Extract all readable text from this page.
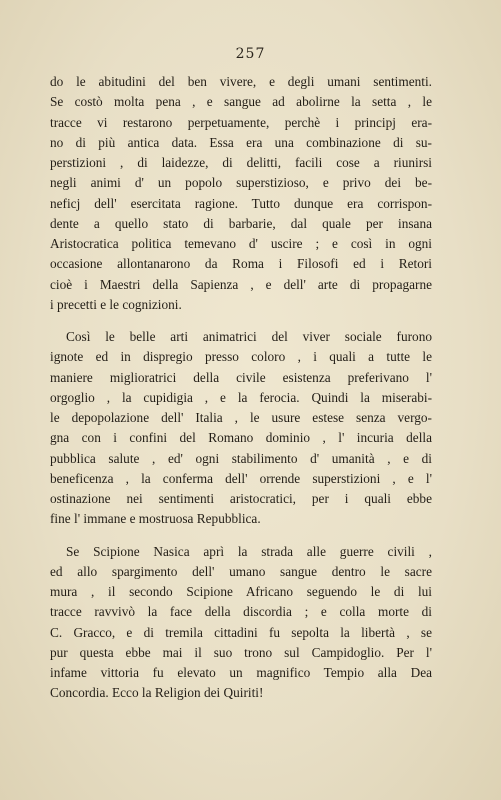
257
do le abitudini del ben vivere, e degli umani sentimenti.
Se costò molta pena , e sangue ad abolirne la setta , le
tracce vi restarono perpetuamente, perchè i principj era-
no di più antica data. Essa era una combinazione di su-
perstizioni , di laidezze, di delitti, facili cose a riunirsi
negli animi d' un popolo superstizioso, e privo dei be-
neficj dell' esercitata ragione. Tutto dunque era corrispon-
dente a quello stato di barbarie, dal quale per insana
Aristocratica politica temevano d' uscire ; e così in ogni
occasione allontanarono da Roma i Filosofi ed i Retori
cioè i Maestri della Sapienza , e dell' arte di propagarne
i precetti e le cognizioni.
Così le belle arti animatrici del viver sociale furono
ignote ed in dispregio presso coloro , i quali a tutte le
maniere miglioratrici della civile esistenza preferivano l'
orgoglio , la cupidigia , e la ferocia. Quindi la miserabi-
le depopolazione dell' Italia , le usure estese senza vergo-
gna con i confini del Romano dominio , l' incuria della
pubblica salute , ed' ogni stabilimento d' umanità , e di
beneficenza , la conferma dell' orrende superstizioni , e l'
ostinazione nei sentimenti aristocratici, per i quali ebbe
fine l' immane e mostruosa Repubblica.
Se Scipione Nasica aprì la strada alle guerre civili ,
ed allo spargimento dell' umano sangue dentro le sacre
mura , il secondo Scipione Africano seguendo le di lui
tracce ravvivò la face della discordia ; e colla morte di
C. Gracco, e di tremila cittadini fu sepolta la libertà , se
pur questa ebbe mai il suo trono sul Campidoglio. Per l'
infame vittoria fu elevato un magnifico Tempio alla Dea
Concordia. Ecco la Religion dei Quiriti!
